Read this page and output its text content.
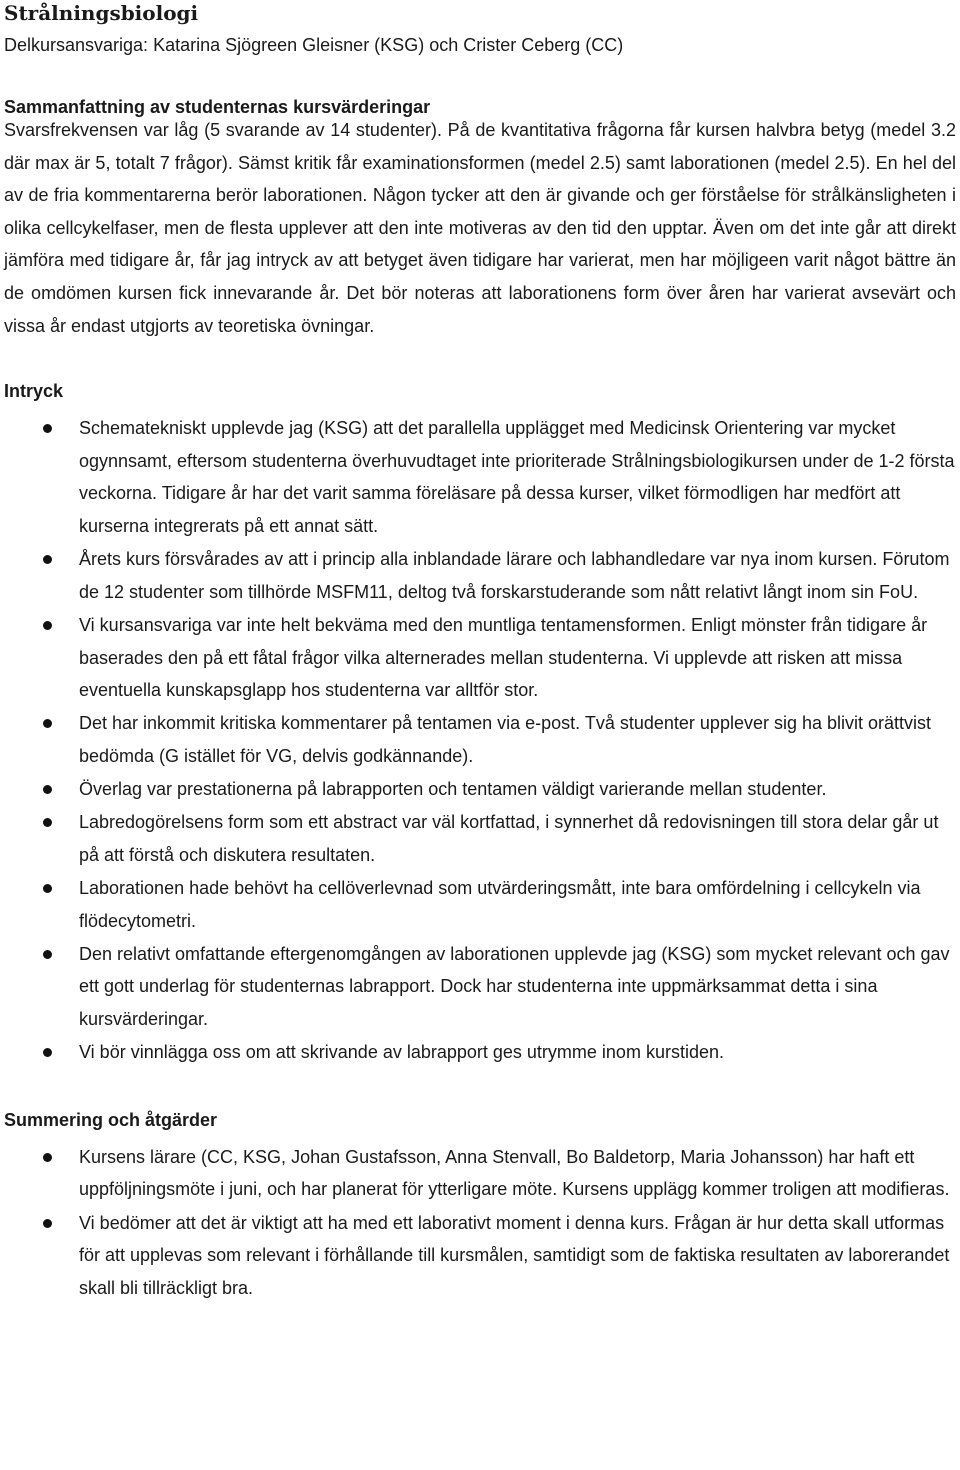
Strålningsbiologi
Delkursansvariga: Katarina Sjögreen Gleisner (KSG) och Crister Ceberg (CC)
Sammanfattning av studenternas kursvärderingar

Svarsfrekvensen var låg (5 svarande av 14 studenter). På de kvantitativa frågorna får kursen halvbra betyg (medel 3.2 där max är 5, totalt 7 frågor). Sämst kritik får examinationsformen (medel 2.5) samt laborationen (medel 2.5). En hel del av de fria kommentarerna berör laborationen. Någon tycker att den är givande och ger förståelse för strålkänsligheten i olika cellcykelfaser, men de flesta upplever att den inte motiveras av den tid den upptar. Även om det inte går att direkt jämföra med tidigare år, får jag intryck av att betyget även tidigare har varierat, men har möjligeen varit något bättre än de omdömen kursen fick innevarande år. Det bör noteras att laborationens form över åren har varierat avsevärt och vissa år endast utgjorts av teoretiska övningar.

Intryck
Schematekniskt upplevde jag (KSG) att det parallella upplägget med Medicinsk Orientering var mycket ogynnsamt, eftersom studenterna överhuvudtaget inte prioriterade Strålningsbiologikursen under de 1-2 första veckorna. Tidigare år har det varit samma föreläsare på dessa kurser, vilket förmodligen har medfört att kurserna integrerats på ett annat sätt.
Årets kurs försvårades av att i princip alla inblandade lärare och labhandledare var nya inom kursen. Förutom de 12 studenter som tillhörde MSFM11, deltog två forskarstuderande som nått relativt långt inom sin FoU.
Vi kursansvariga var inte helt bekväma med den muntliga tentamensformen. Enligt mönster från tidigare år baserades den på ett fåtal frågor vilka alternerades mellan studenterna. Vi upplevde att risken att missa eventuella kunskapsglapp hos studenterna var alltför stor.
Det har inkommit kritiska kommentarer på tentamen via e-post. Två studenter upplever sig ha blivit orättvist bedömda (G istället för VG, delvis godkännande).
Överlag var prestationerna på labrapporten och tentamen väldigt varierande mellan studenter.
Labredogörelsens form som ett abstract var väl kortfattad, i synnerhet då redovisningen till stora delar går ut på att förstå och diskutera resultaten.
Laborationen hade behövt ha cellöverlevnad som utvärderingsmått, inte bara omfördelning i cellcykeln via flödecytometri.
Den relativt omfattande eftergenomgången av laborationen upplevde jag (KSG) som mycket relevant och gav ett gott underlag för studenternas labrapport. Dock har studenterna inte uppmärksammat detta i sina kursvärderingar.
Vi bör vinnlägga oss om att skrivande av labrapport ges utrymme inom kurstiden.
Summering och åtgärder
Kursens lärare (CC, KSG, Johan Gustafsson, Anna Stenvall, Bo Baldetorp, Maria Johansson) har haft ett uppföljningsmöte i juni, och har planerat för ytterligare möte. Kursens upplägg kommer troligen att modifieras.
Vi bedömer att det är viktigt att ha med ett laborativt moment i denna kurs. Frågan är hur detta skall utformas för att upplevas som relevant i förhållande till kursmålen, samtidigt som de faktiska resultaten av laborerandet skall bli tillräckligt bra.
